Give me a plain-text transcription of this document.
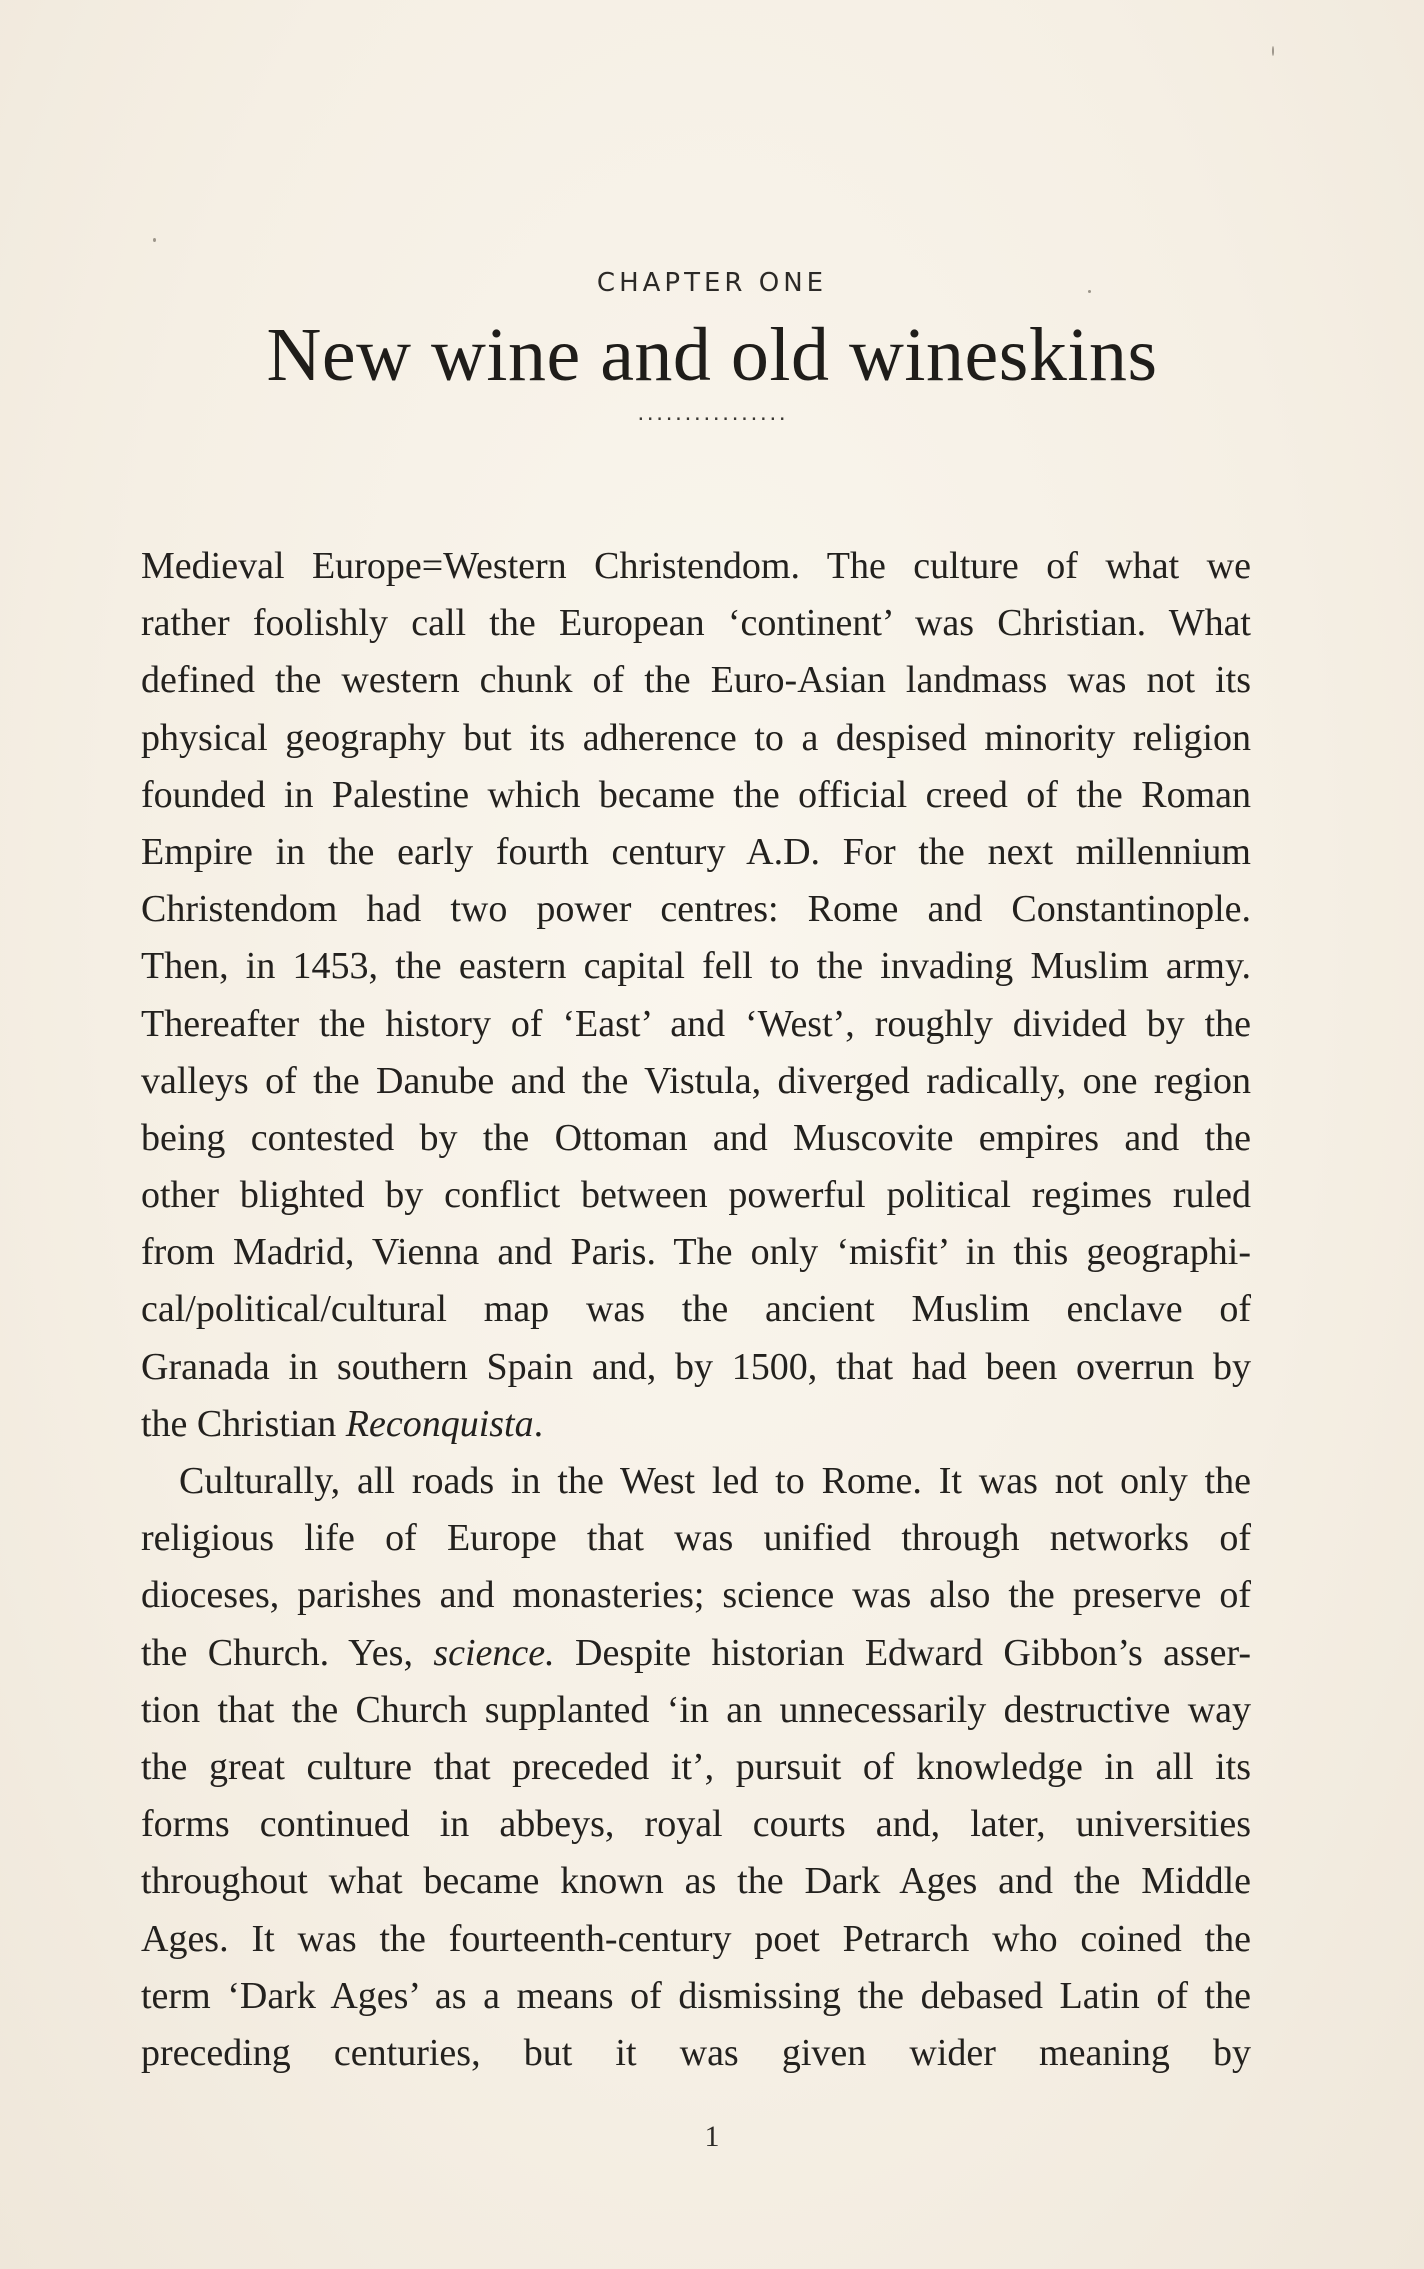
CHAPTER ONE
New wine and old wineskins
................
Medieval Europe=Western Christendom. The culture of what we
rather foolishly call the European ‘continent’ was Christian. What
defined the western chunk of the Euro-Asian landmass was not its
physical geography but its adherence to a despised minority religion
founded in Palestine which became the official creed of the Roman
Empire in the early fourth century A.D. For the next millennium
Christendom had two power centres: Rome and Constantinople.
Then, in 1453, the eastern capital fell to the invading Muslim army.
Thereafter the history of ‘East’ and ‘West’, roughly divided by the
valleys of the Danube and the Vistula, diverged radically, one region
being contested by the Ottoman and Muscovite empires and the
other blighted by conflict between powerful political regimes ruled
from Madrid, Vienna and Paris. The only ‘misfit’ in this geographi-
cal/political/cultural map was the ancient Muslim enclave of
Granada in southern Spain and, by 1500, that had been overrun by
the Christian Reconquista.
Culturally, all roads in the West led to Rome. It was not only the
religious life of Europe that was unified through networks of
dioceses, parishes and monasteries; science was also the preserve of
the Church. Yes, science. Despite historian Edward Gibbon’s asser-
tion that the Church supplanted ‘in an unnecessarily destructive way
the great culture that preceded it’, pursuit of knowledge in all its
forms continued in abbeys, royal courts and, later, universities
throughout what became known as the Dark Ages and the Middle
Ages. It was the fourteenth-century poet Petrarch who coined the
term ‘Dark Ages’ as a means of dismissing the debased Latin of the
preceding centuries, but it was given wider meaning by
1
